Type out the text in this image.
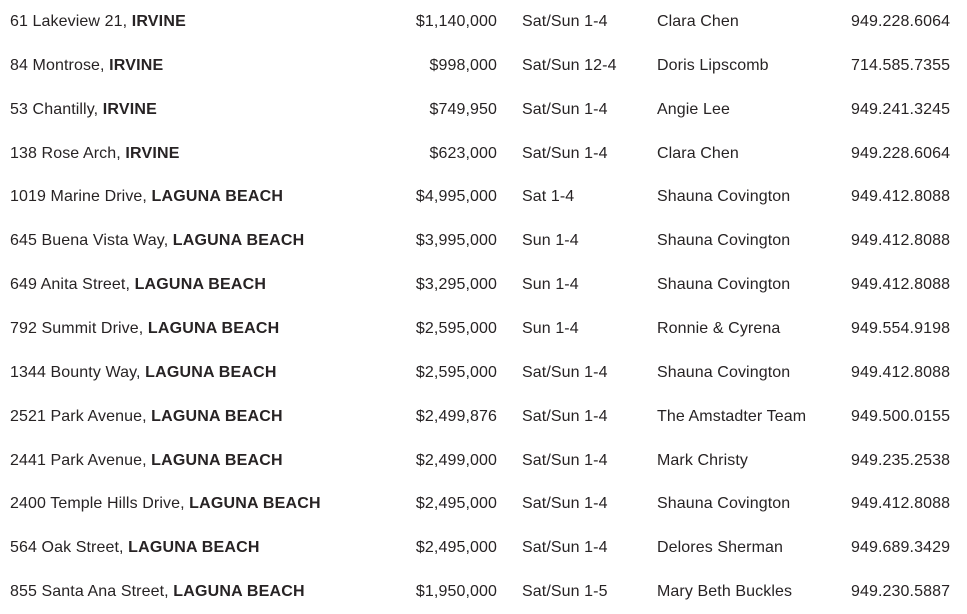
61 Lakeview 21, IRVINE	$1,140,000	Sat/Sun 1-4	Clara Chen	949.228.6064
84 Montrose, IRVINE	$998,000	Sat/Sun 12-4	Doris Lipscomb	714.585.7355
53 Chantilly, IRVINE	$749,950	Sat/Sun 1-4	Angie Lee	949.241.3245
138 Rose Arch, IRVINE	$623,000	Sat/Sun 1-4	Clara Chen	949.228.6064
1019 Marine Drive, LAGUNA BEACH	$4,995,000	Sat 1-4	Shauna Covington	949.412.8088
645 Buena Vista Way, LAGUNA BEACH	$3,995,000	Sun 1-4	Shauna Covington	949.412.8088
649 Anita Street, LAGUNA BEACH	$3,295,000	Sun 1-4	Shauna Covington	949.412.8088
792 Summit Drive, LAGUNA BEACH	$2,595,000	Sun 1-4	Ronnie & Cyrena	949.554.9198
1344 Bounty Way, LAGUNA BEACH	$2,595,000	Sat/Sun 1-4	Shauna Covington	949.412.8088
2521 Park Avenue, LAGUNA BEACH	$2,499,876	Sat/Sun 1-4	The Amstadter Team	949.500.0155
2441 Park Avenue, LAGUNA BEACH	$2,499,000	Sat/Sun 1-4	Mark Christy	949.235.2538
2400 Temple Hills Drive, LAGUNA BEACH	$2,495,000	Sat/Sun 1-4	Shauna Covington	949.412.8088
564 Oak Street, LAGUNA BEACH	$2,495,000	Sat/Sun 1-4	Delores Sherman	949.689.3429
855 Santa Ana Street, LAGUNA BEACH	$1,950,000	Sat/Sun 1-5	Mary Beth Buckles	949.230.5887
